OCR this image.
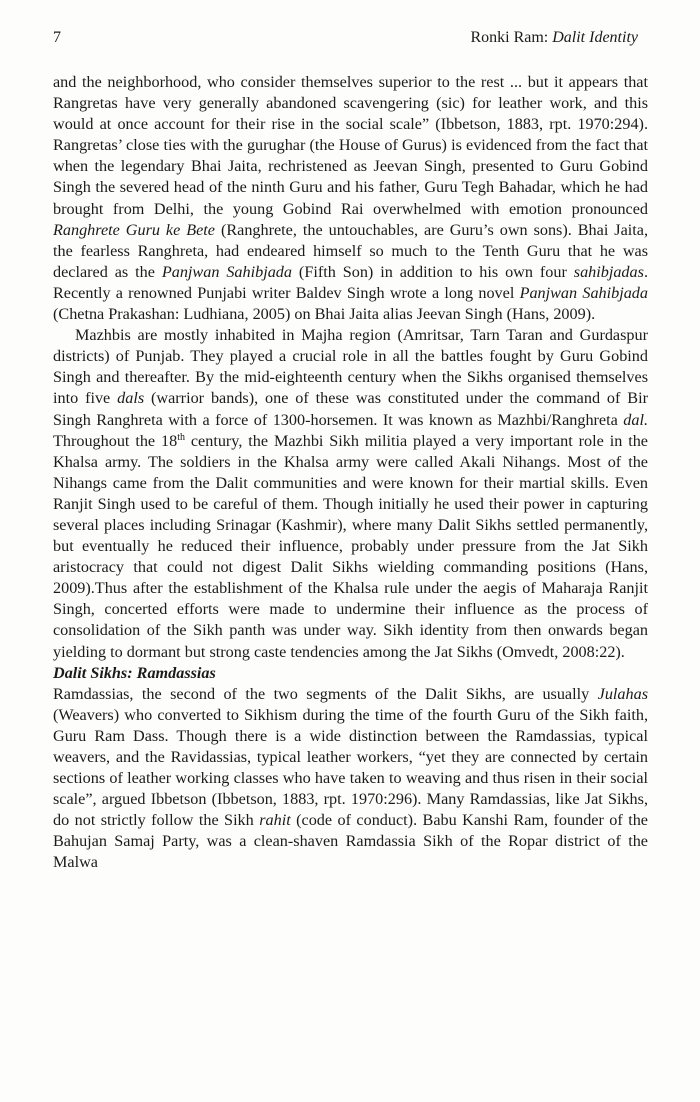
7	Ronki Ram: Dalit Identity

and the neighborhood, who consider themselves superior to the rest ... but it appears that Rangretas have very generally abandoned scavengering (sic) for leather work, and this would at once account for their rise in the social scale” (Ibbetson, 1883, rpt. 1970:294). Rangretas’ close ties with the gurughar (the House of Gurus) is evidenced from the fact that when the legendary Bhai Jaita, rechristened as Jeevan Singh, presented to Guru Gobind Singh the severed head of the ninth Guru and his father, Guru Tegh Bahadar, which he had brought from Delhi, the young Gobind Rai overwhelmed with emotion pronounced Ranghrete Guru ke Bete (Ranghrete, the untouchables, are Guru’s own sons). Bhai Jaita, the fearless Ranghreta, had endeared himself so much to the Tenth Guru that he was declared as the Panjwan Sahibjada (Fifth Son) in addition to his own four sahibjadas. Recently a renowned Punjabi writer Baldev Singh wrote a long novel Panjwan Sahibjada (Chetna Prakashan: Ludhiana, 2005) on Bhai Jaita alias Jeevan Singh (Hans, 2009).

Mazhbis are mostly inhabited in Majha region (Amritsar, Tarn Taran and Gurdaspur districts) of Punjab. They played a crucial role in all the battles fought by Guru Gobind Singh and thereafter. By the mid-eighteenth century when the Sikhs organised themselves into five dals (warrior bands), one of these was constituted under the command of Bir Singh Ranghreta with a force of 1300-horsemen. It was known as Mazhbi/Ranghreta dal. Throughout the 18th century, the Mazhbi Sikh militia played a very important role in the Khalsa army. The soldiers in the Khalsa army were called Akali Nihangs. Most of the Nihangs came from the Dalit communities and were known for their martial skills. Even Ranjit Singh used to be careful of them. Though initially he used their power in capturing several places including Srinagar (Kashmir), where many Dalit Sikhs settled permanently, but eventually he reduced their influence, probably under pressure from the Jat Sikh aristocracy that could not digest Dalit Sikhs wielding commanding positions (Hans, 2009).Thus after the establishment of the Khalsa rule under the aegis of Maharaja Ranjit Singh, concerted efforts were made to undermine their influence as the process of consolidation of the Sikh panth was under way. Sikh identity from then onwards began yielding to dormant but strong caste tendencies among the Jat Sikhs (Omvedt, 2008:22).

Dalit Sikhs: Ramdassias

Ramdassias, the second of the two segments of the Dalit Sikhs, are usually Julahas (Weavers) who converted to Sikhism during the time of the fourth Guru of the Sikh faith, Guru Ram Dass. Though there is a wide distinction between the Ramdassias, typical weavers, and the Ravidassias, typical leather workers, “yet they are connected by certain sections of leather working classes who have taken to weaving and thus risen in their social scale”, argued Ibbetson (Ibbetson, 1883, rpt. 1970:296). Many Ramdassias, like Jat Sikhs, do not strictly follow the Sikh rahit (code of conduct). Babu Kanshi Ram, founder of the Bahujan Samaj Party, was a clean-shaven Ramdassia Sikh of the Ropar district of the Malwa
